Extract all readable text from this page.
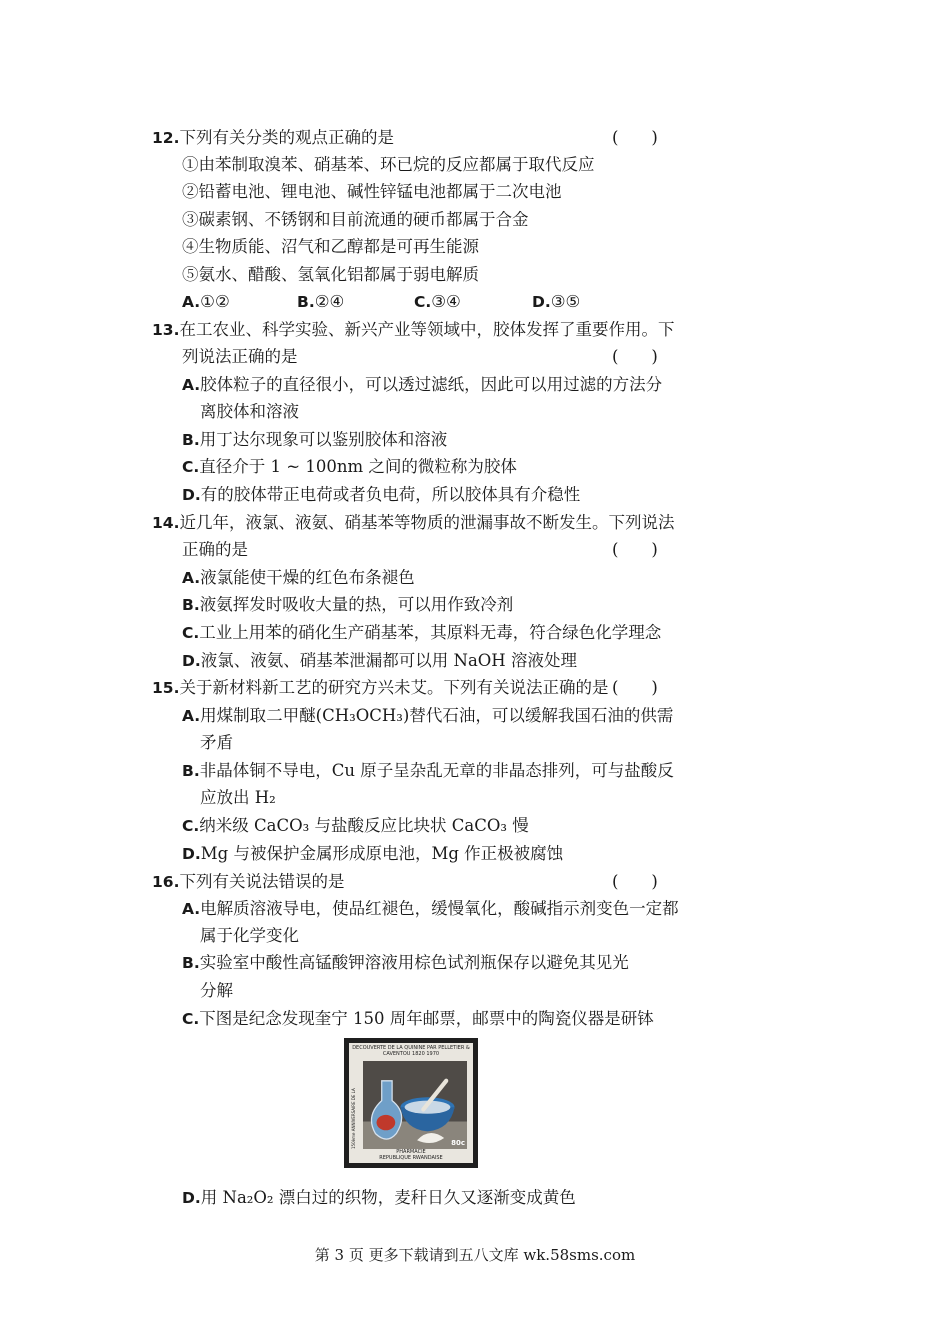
12.下列有关分类的观点正确的是	(　　)
①由苯制取溴苯、硝基苯、环已烷的反应都属于取代反应
②铅蓄电池、锂电池、碱性锌锰电池都属于二次电池
③碳素钢、不锈钢和目前流通的硬币都属于合金
④生物质能、沼气和乙醇都是可再生能源
⑤氨水、醋酸、氢氧化铝都属于弱电解质
A.①②	B.②④	C.③④	D.③⑤
13.在工农业、科学实验、新兴产业等领域中，胶体发挥了重要作用。下
列说法正确的是	(　　)
A.胶体粒子的直径很小，可以透过滤纸，因此可以用过滤的方法分
离胶体和溶液
B.用丁达尔现象可以鉴别胶体和溶液
C.直径介于 1 ~ 100nm 之间的微粒称为胶体
D.有的胶体带正电荷或者负电荷，所以胶体具有介稳性
14.近几年，液氯、液氨、硝基苯等物质的泄漏事故不断发生。下列说法
正确的是	(　　)
A.液氯能使干燥的红色布条褪色
B.液氨挥发时吸收大量的热，可以用作致冷剂
C.工业上用苯的硝化生产硝基苯，其原料无毒，符合绿色化学理念
D.液氯、液氨、硝基苯泄漏都可以用 NaOH 溶液处理
15.关于新材料新工艺的研究方兴未艾。下列有关说法正确的是 (　　)
A.用煤制取二甲醚(CH₃OCH₃)替代石油，可以缓解我国石油的供需
矛盾
B.非晶体铜不导电，Cu 原子呈杂乱无章的非晶态排列，可与盐酸反
应放出 H₂
C.纳米级 CaCO₃ 与盐酸反应比块状 CaCO₃ 慢
D.Mg 与被保护金属形成原电池，Mg 作正极被腐蚀
16.下列有关说法错误的是	(　　)
A.电解质溶液导电，使品红褪色，缓慢氧化，酸碱指示剂变色一定都
属于化学变化
B.实验室中酸性高锰酸钾溶液用棕色试剂瓶保存以避免其见光
分解
C.下图是纪念发现奎宁 150 周年邮票，邮票中的陶瓷仪器是研钵
DECOUVERTE DE LA QUININE PAR PELLETIER & CAVENTOU 1820 1970
150ème ANNIVERSAIRE DE LA	80c
PHARMACIE
REPUBLIQUE RWANDAISE
D.用 Na₂O₂ 漂白过的织物，麦秆日久又逐渐变成黄色
第 3 页 更多下载请到五八文库 wk.58sms.com
